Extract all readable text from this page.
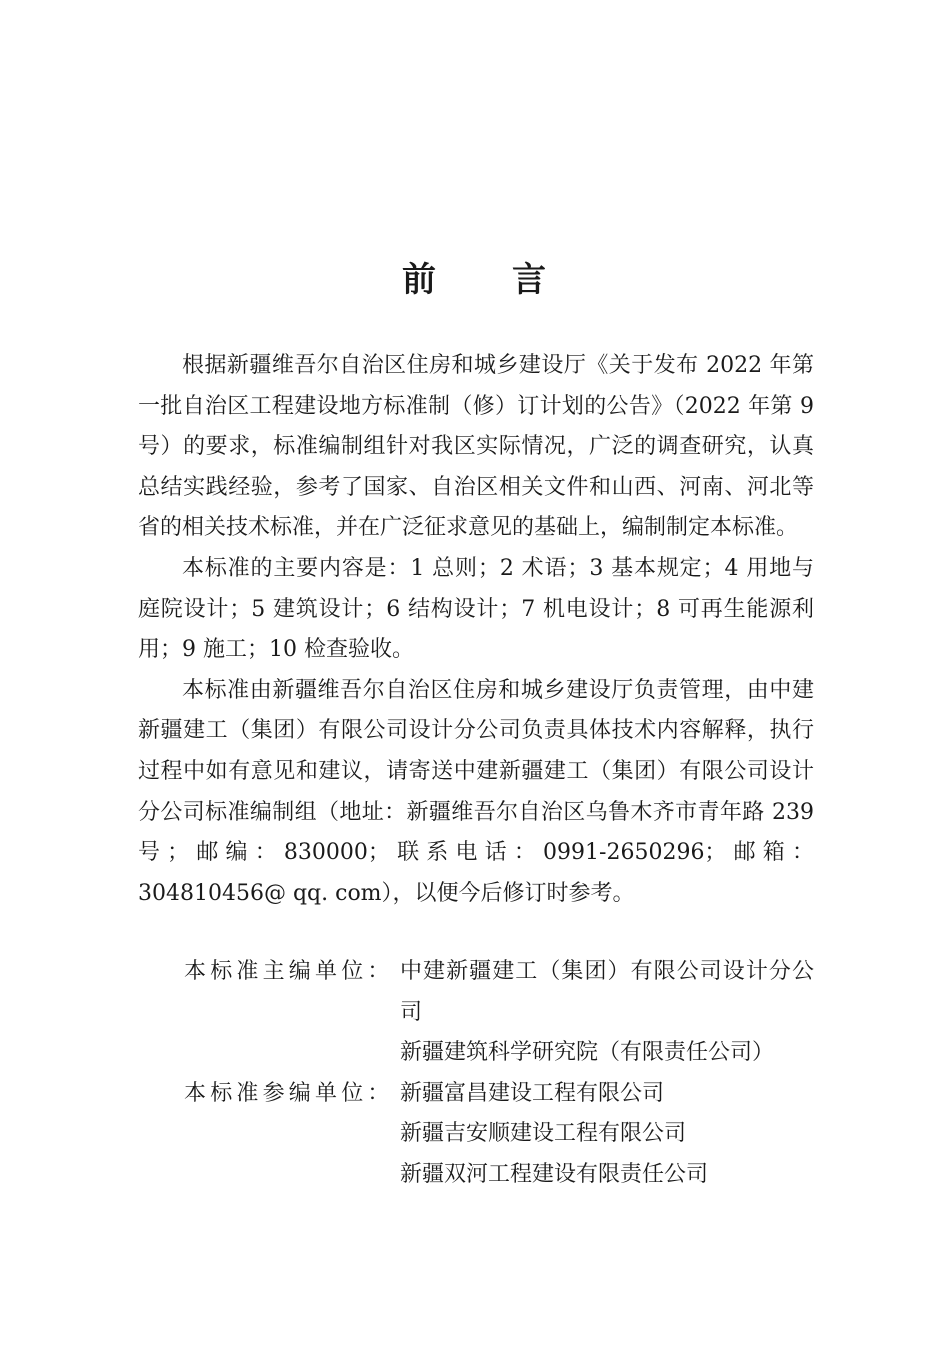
前 言

根据新疆维吾尔自治区住房和城乡建设厅《关于发布 2022 年第一批自治区工程建设地方标准制（修）订计划的公告》（2022 年第 9 号）的要求，标准编制组针对我区实际情况，广泛的调查研究，认真总结实践经验，参考了国家、自治区相关文件和山西、河南、河北等省的相关技术标准，并在广泛征求意见的基础上，编制制定本标准。

本标准的主要内容是：1 总则；2 术语；3 基本规定；4 用地与庭院设计；5 建筑设计；6 结构设计；7 机电设计；8 可再生能源利用；9 施工；10 检查验收。

本标准由新疆维吾尔自治区住房和城乡建设厅负责管理，由中建新疆建工（集团）有限公司设计分公司负责具体技术内容解释，执行过程中如有意见和建议，请寄送中建新疆建工（集团）有限公司设计分公司标准编制组（地址：新疆维吾尔自治区乌鲁木齐市青年路 239 号；邮编：830000；联系电话：0991-2650296；邮箱：304810456@ qq. com），以便今后修订时参考。

本标准主编单位： 中建新疆建工（集团）有限公司设计分公司
新疆建筑科学研究院（有限责任公司）
本标准参编单位： 新疆富昌建设工程有限公司
新疆吉安顺建设工程有限公司
新疆双河工程建设有限责任公司
